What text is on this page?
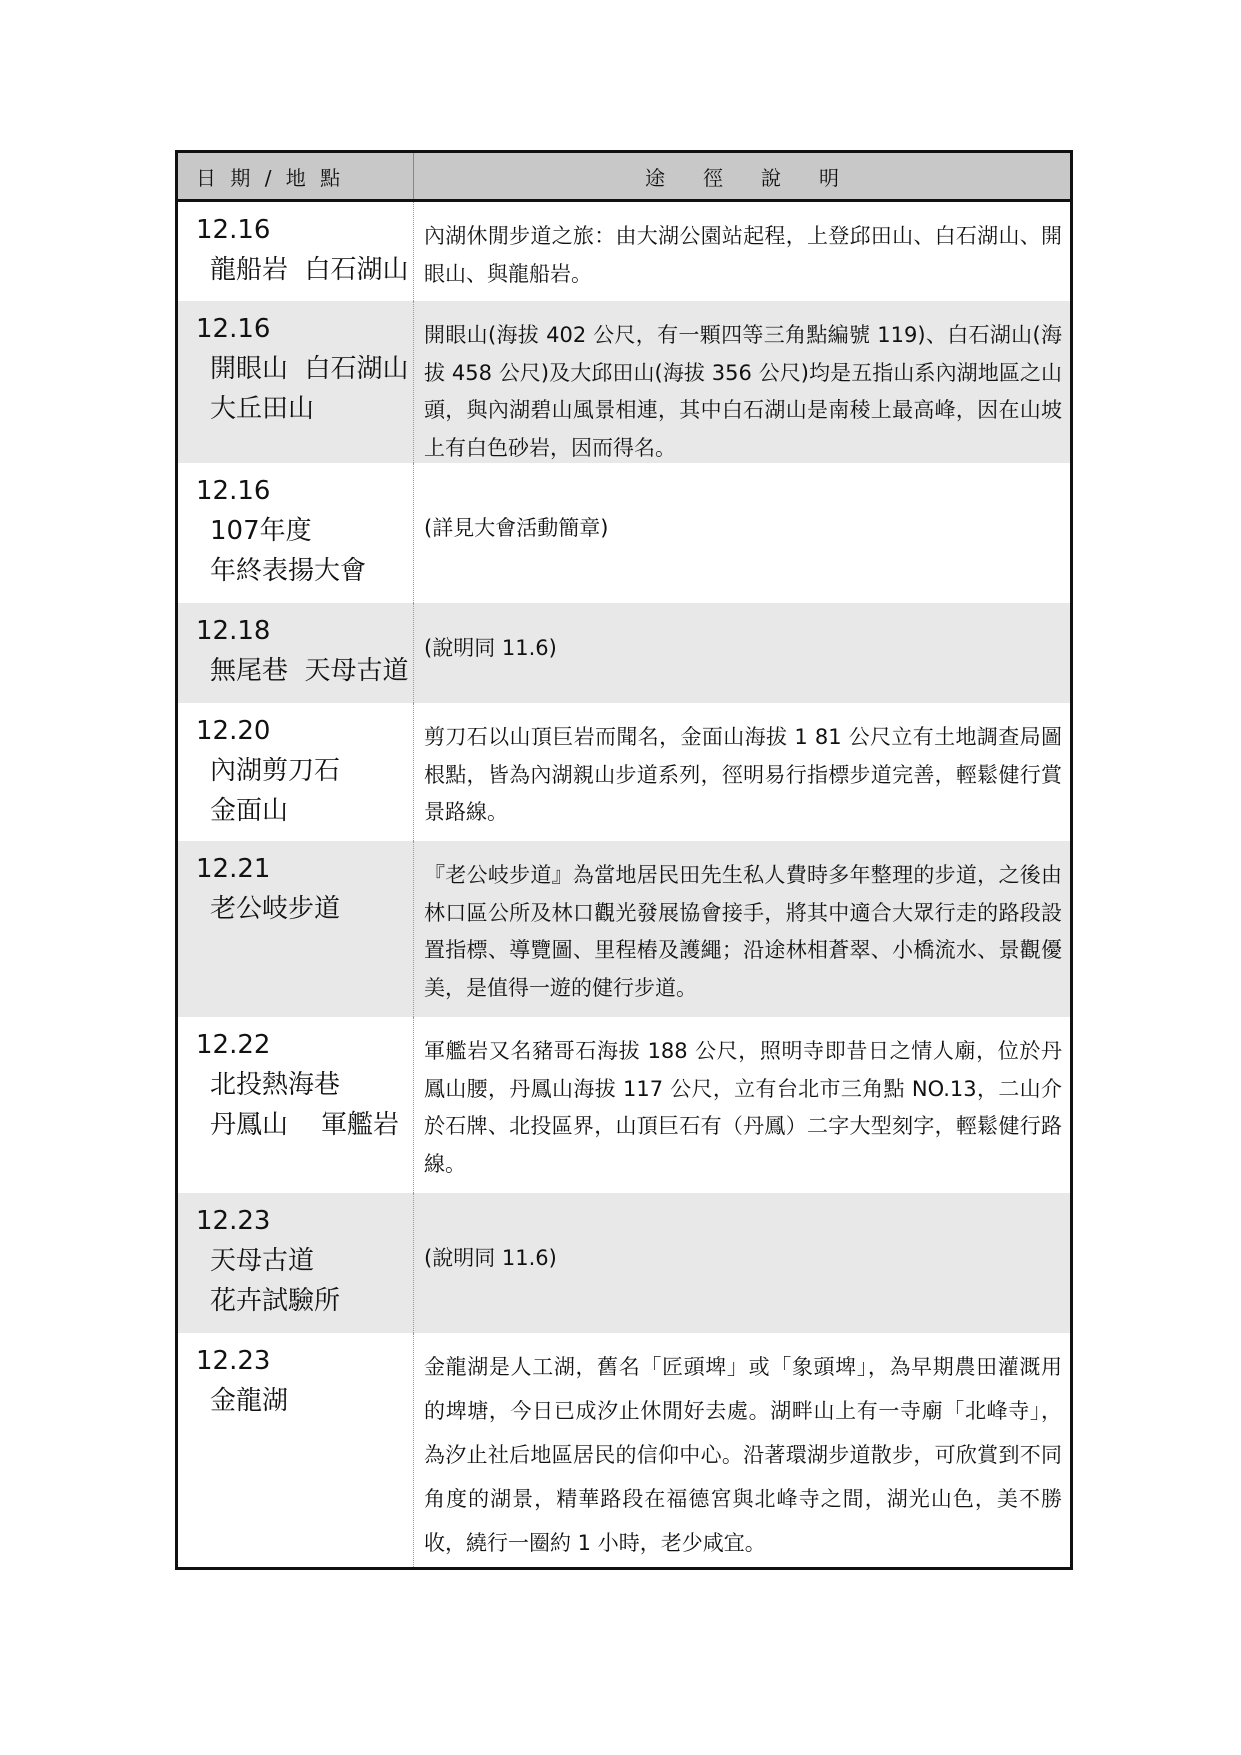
日 期 / 地 點	途徑說明
12.16
龍船岩  白石湖山
內湖休閒步道之旅：由大湖公園站起程，上登邱田山、白石湖山、開眼山、與龍船岩。
12.16
開眼山  白石湖山
大丘田山
開眼山(海拔 402 公尺，有一顆四等三角點編號 119)、白石湖山(海拔 458 公尺)及大邱田山(海拔 356 公尺)均是五指山系內湖地區之山頭，與內湖碧山風景相連，其中白石湖山是南稜上最高峰，因在山坡上有白色砂岩，因而得名。
12.16
107年度
年終表揚大會
(詳見大會活動簡章)
12.18
無尾巷  天母古道
(說明同 11.6)
12.20
內湖剪刀石
金面山
剪刀石以山頂巨岩而聞名，金面山海拔 1 81 公尺立有土地調查局圖根點，皆為內湖親山步道系列，徑明易行指標步道完善，輕鬆健行賞景路線。
12.21
老公岐步道
『老公岐步道』為當地居民田先生私人費時多年整理的步道，之後由林口區公所及林口觀光發展協會接手，將其中適合大眾行走的路段設置指標、導覽圖、里程樁及護繩；沿途林相蒼翠、小橋流水、景觀優美，是值得一遊的健行步道。
12.22
北投熱海巷
丹鳳山    軍艦岩
軍艦岩又名豬哥石海拔 188 公尺，照明寺即昔日之情人廟，位於丹鳳山腰，丹鳳山海拔 117 公尺，立有台北市三角點 NO.13，二山介於石牌、北投區界，山頂巨石有（丹鳳）二字大型刻字，輕鬆健行路線。
12.23
天母古道
花卉試驗所
(說明同 11.6)
12.23
金龍湖
金龍湖是人工湖，舊名「匠頭埤」或「象頭埤」，為早期農田灌溉用的埤塘，今日已成汐止休閒好去處。湖畔山上有一寺廟「北峰寺」，為汐止社后地區居民的信仰中心。沿著環湖步道散步，可欣賞到不同角度的湖景，精華路段在福德宮與北峰寺之間，湖光山色，美不勝收，繞行一圈約 1 小時，老少咸宜。
